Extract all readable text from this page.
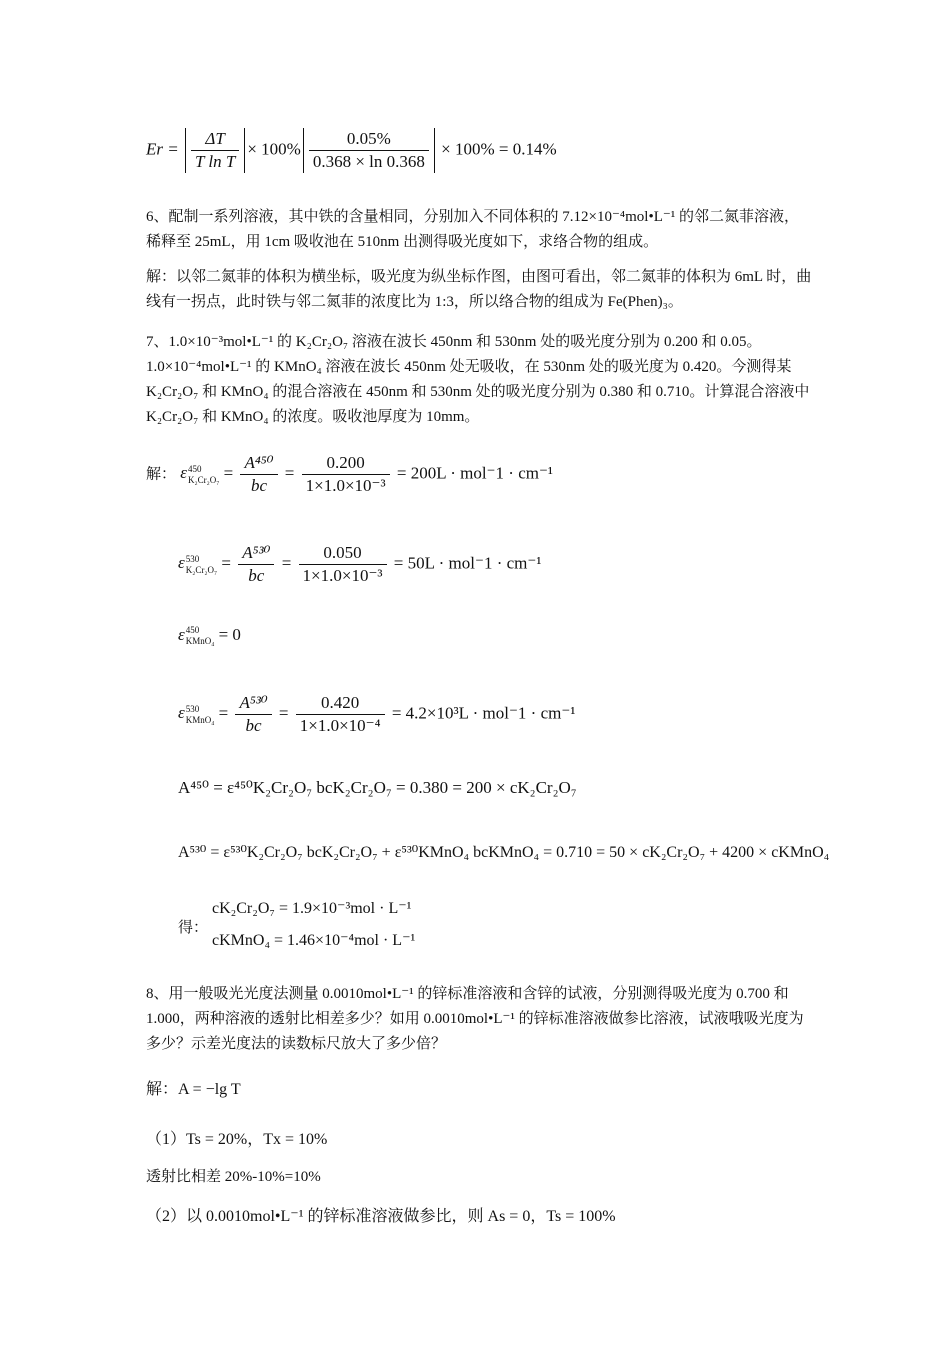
$Er = \frac{\Delta T}{\text{T ln T}} \times 100\% \frac{0.05\%}{0.368 \times \ln 0.368} \times 100\% = 0.14\%$

6、配制一系列溶液，其中铁的含量相同，分别加入不同体积的 7.12×10⁻⁴mol•L⁻¹ 的邻二氮菲溶液，稀释至 25mL，用 1cm 吸收池在 510nm 出测得吸光度如下，求络合物的组成。

解：以邻二氮菲的体积为横坐标，吸光度为纵坐标作图，由图可看出，邻二氮菲的体积为 6mL 时，曲线有一拐点，此时铁与邻二氮菲的浓度比为 1:3，所以络合物的组成为 Fe(Phen)₃。

7、1.0×10⁻³mol•L⁻¹ 的 K₂Cr₂O₇ 溶液在波长 450nm 和 530nm 处的吸光度分别为 0.200 和 0.05。1.0×10⁻⁴mol•L⁻¹ 的 KMnO₄ 溶液在波长 450nm 处无吸收，在 530nm 处的吸光度为 0.420。今测得某 K₂Cr₂O₇ 和 KMnO₄ 的混合溶液在 450nm 和 530nm 处的吸光度分别为 0.380 和 0.710。计算混合溶液中 K₂Cr₂O₇ 和 KMnO₄ 的浓度。吸收池厚度为 10mm。

解： ε 450
$K_2Cr_2O_7 = \frac{\text{A⁴⁵⁰}}{bc} = \frac{0.200}{\text{1×1.0×10⁻³}} = 200L \cdot mol^-1 \cdot cm^{-1}$
ε 530
$K_2Cr_2O_7 = \frac{\text{A⁵³⁰}}{bc} = \frac{0.050}{\text{1×1.0×10⁻³}} = 50L \cdot mol^-1 \cdot cm^{-1}$
ε 450
KMnO₄ = 0
ε 530
KMnO₄ = $\frac{\text{A⁵³⁰}}{bc} = \frac{0.420}{\text{1×1.0×10⁻⁴}} = 4.2\times 10^3L \cdot mol^-1 \cdot cm^{-1}$
A⁴⁵⁰ = ε⁴⁵⁰K₂Cr₂O₇ bcK₂Cr₂O₇ = 0.380 = 200 × cK₂Cr₂O₇
A⁵³⁰ = ε⁵³⁰K₂Cr₂O₇ bcK₂Cr₂O₇ + ε⁵³⁰KMnO₄ bcKMnO₄ = 0.710 = 50 × cK₂Cr₂O₇ + 4200 × cKMnO₄
得：
cK₂Cr₂O₇ = 1.9×10⁻³mol · L⁻¹
cKMnO₄ = 1.46×10⁻⁴mol · L⁻¹

8、用一般吸光光度法测量 0.0010mol•L⁻¹ 的锌标准溶液和含锌的试液，分别测得吸光度为 0.700 和 1.000，两种溶液的透射比相差多少？如用 0.0010mol•L⁻¹ 的锌标准溶液做参比溶液，试液哦吸光度为多少？示差光度法的读数标尺放大了多少倍？

解：A = −lg T
（1）Ts = 20%，Tx = 10%

透射比相差 20%-10%=10%

（2）以 0.0010mol•L⁻¹ 的锌标准溶液做参比，则 As = 0，Ts = 100%
